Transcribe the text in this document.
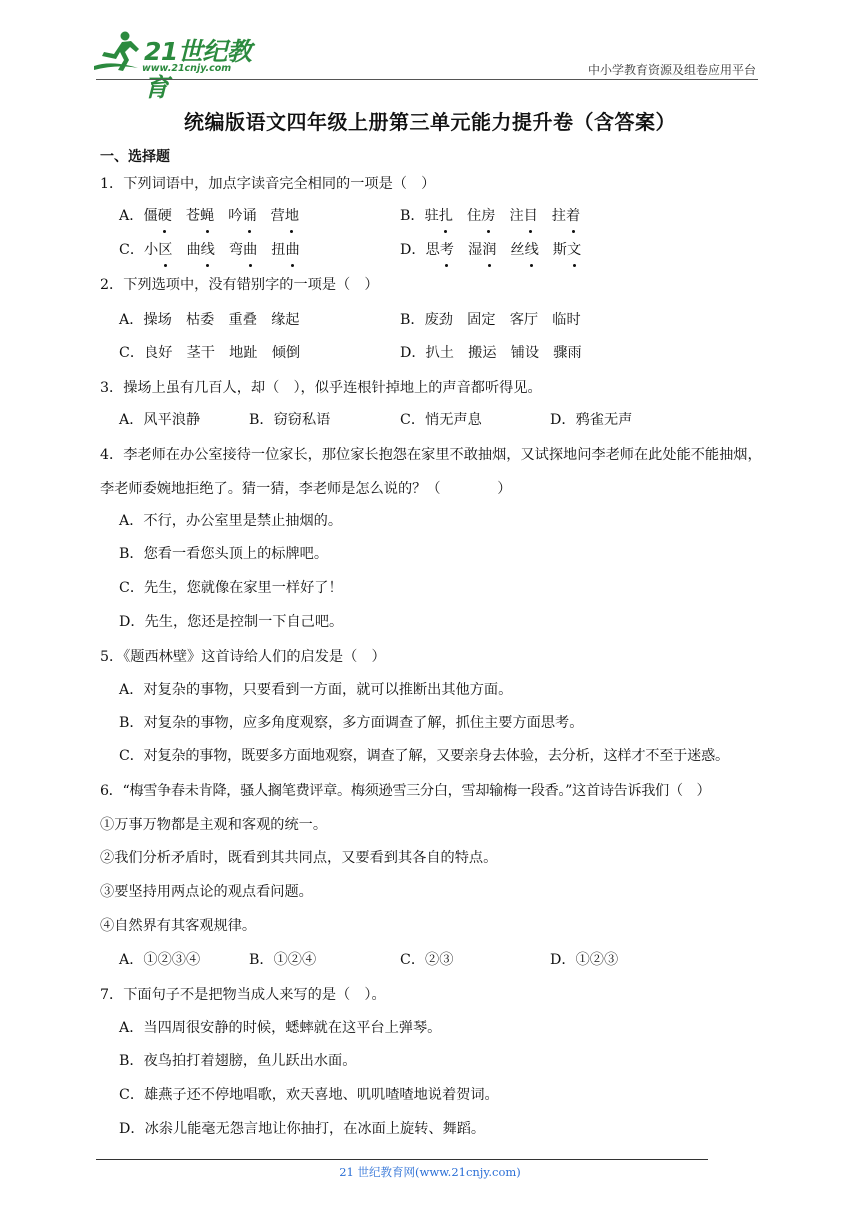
21世纪教育
www.21cnjy.com	中小学教育资源及组卷应用平台
统编版语文四年级上册第三单元能力提升卷（含答案）
一、选择题
1．下列词语中，加点字读音完全相同的一项是（　）
A．僵硬 苍蝇 吟诵 营地	B．驻扎 住房 注目 拄着
C．小区 曲线 弯曲 扭曲	D．思考 湿润 丝线 斯文
2．下列选项中，没有错别字的一项是（　）
A．操场　枯委　重叠　缘起	B．废劲　固定　客厅　临时
C．良好　茎干　地趾　倾倒	D．扒土　搬运　铺设　骤雨
3．操场上虽有几百人，却（　），似乎连根针掉地上的声音都听得见。
A．风平浪静	B．窃窃私语	C．悄无声息	D．鸦雀无声
4．李老师在办公室接待一位家长，那位家长抱怨在家里不敢抽烟，又试探地问李老师在此处能不能抽烟，李老师委婉地拒绝了。猜一猜，李老师是怎么说的？（　　　　）
A．不行，办公室里是禁止抽烟的。
B．您看一看您头顶上的标牌吧。
C．先生，您就像在家里一样好了！
D．先生，您还是控制一下自己吧。
5．《题西林壁》这首诗给人们的启发是（　）
A．对复杂的事物，只要看到一方面，就可以推断出其他方面。
B．对复杂的事物，应多角度观察，多方面调查了解，抓住主要方面思考。
C．对复杂的事物，既要多方面地观察，调查了解，又要亲身去体验，去分析，这样才不至于迷惑。
6．“梅雪争春未肯降，骚人搁笔费评章。梅须逊雪三分白，雪却输梅一段香。”这首诗告诉我们（　）
①万事万物都是主观和客观的统一。
②我们分析矛盾时，既看到其共同点，又要看到其各自的特点。
③要坚持用两点论的观点看问题。
④自然界有其客观规律。
A．①②③④	B．①②④	C．②③	D．①②③
7．下面句子不是把物当成人来写的是（　）。
A．当四周很安静的时候，蟋蟀就在这平台上弹琴。
B．夜鸟拍打着翅膀，鱼儿跃出水面。
C．雄燕子还不停地唱歌，欢天喜地、叽叽喳喳地说着贺词。
D．冰尜儿能毫无怨言地让你抽打，在冰面上旋转、舞蹈。
21 世纪教育网(www.21cnjy.com)
